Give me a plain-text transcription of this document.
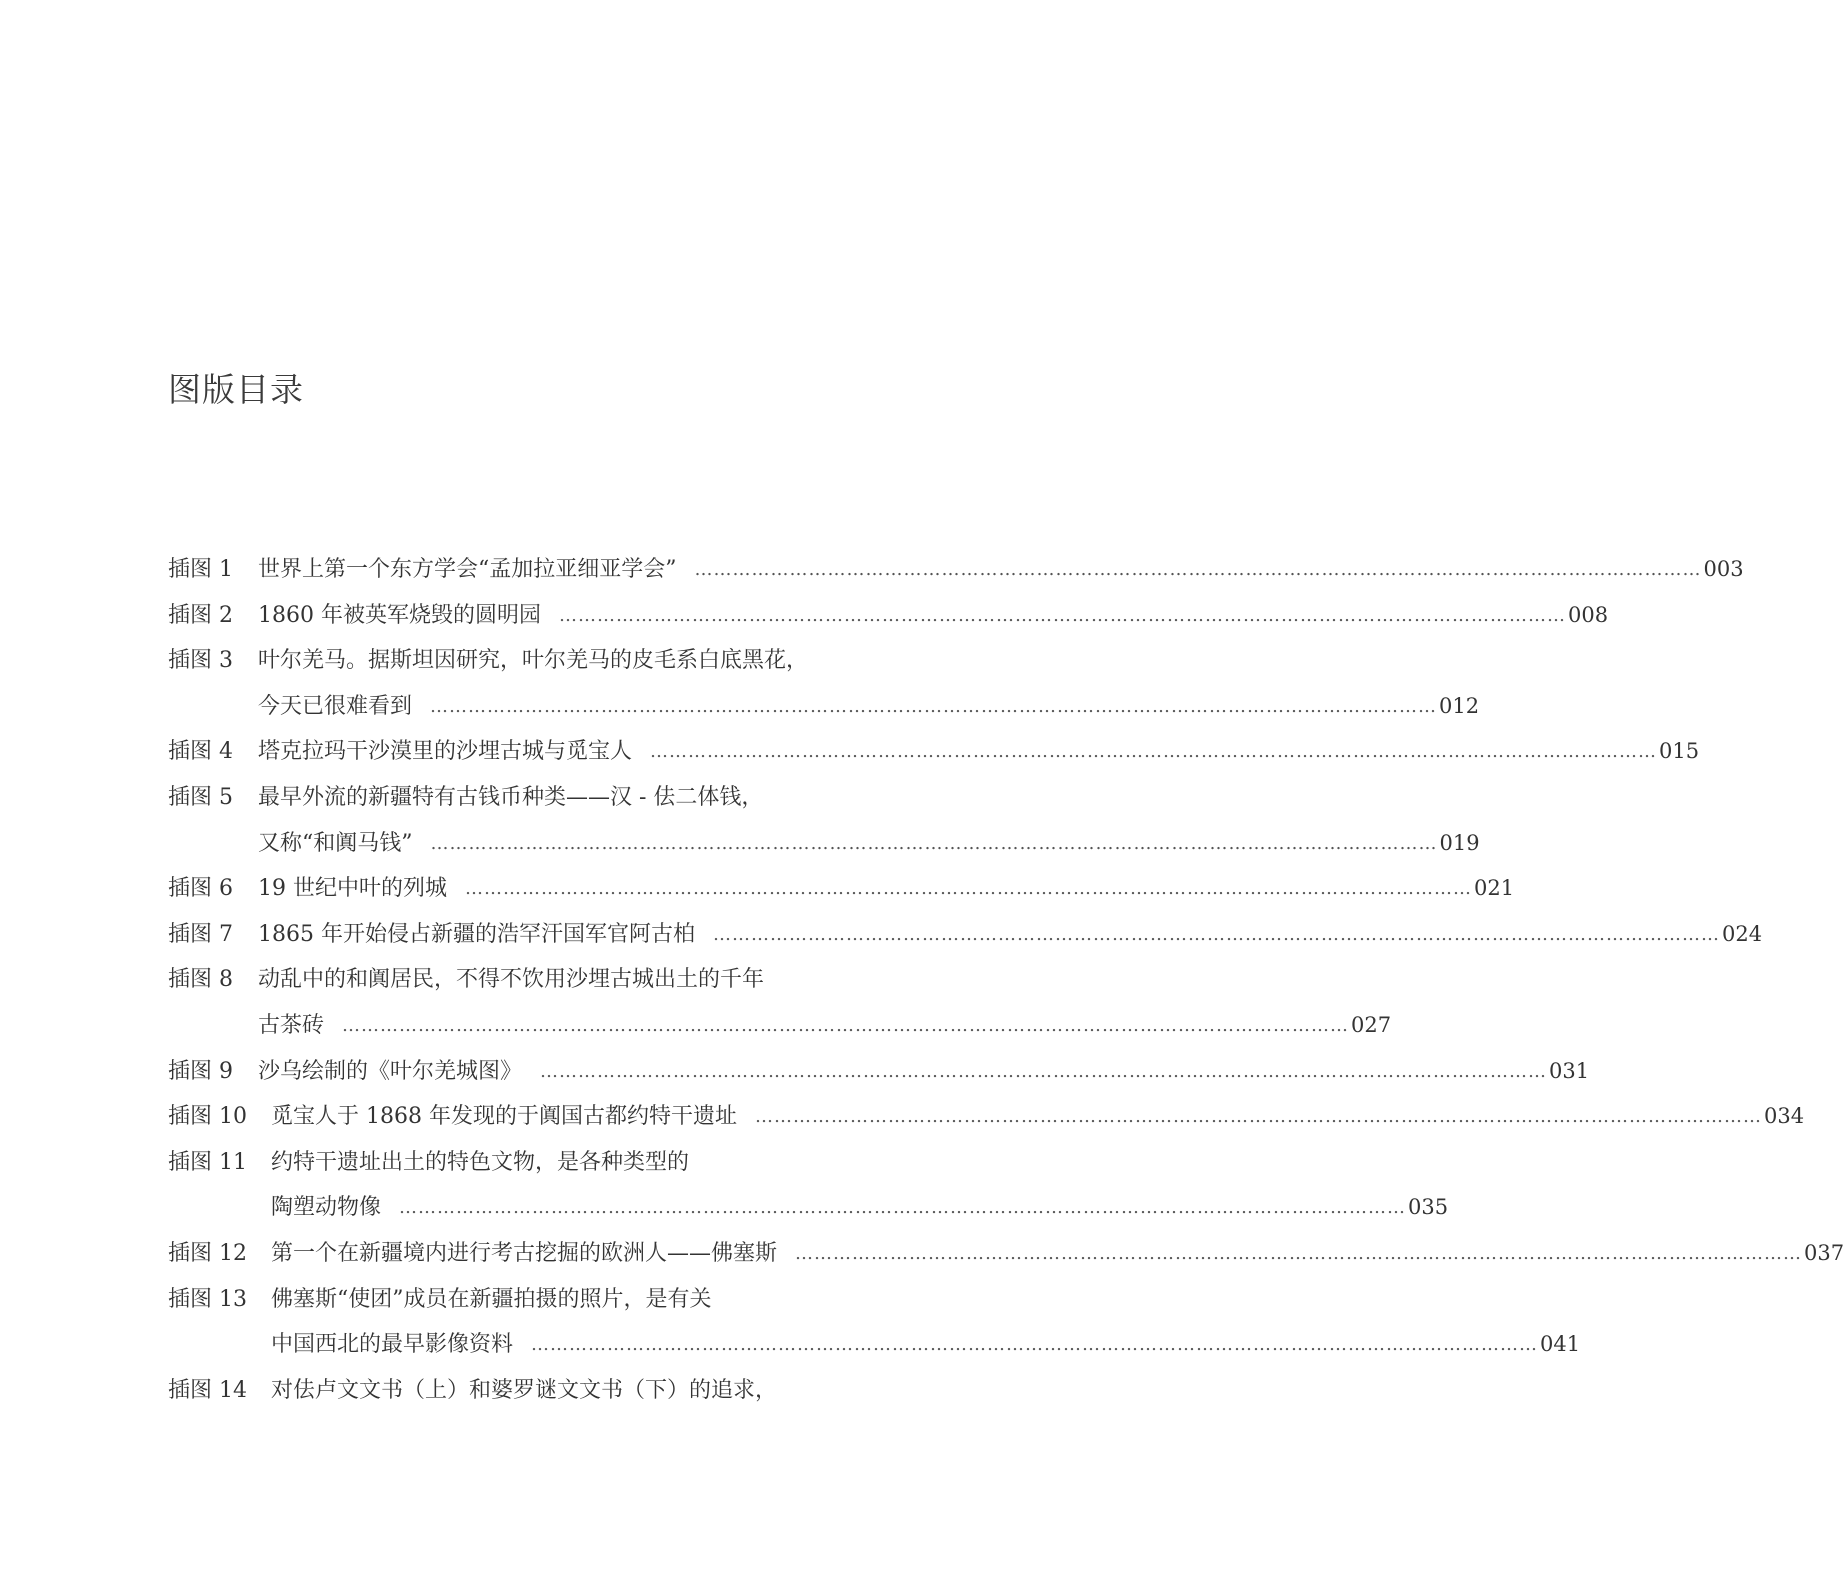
图版目录
插图 1	世界上第一个东方学会“孟加拉亚细亚学会” ……………………………………………………………………………………………………………………………………………	003
插图 2	1860 年被英军烧毁的圆明园 ……………………………………………………………………………………………………………………………………………	008
插图 3	叶尔羌马。据斯坦因研究，叶尔羌马的皮毛系白底黑花，
今天已很难看到 ……………………………………………………………………………………………………………………………………………	012
插图 4	塔克拉玛干沙漠里的沙埋古城与觅宝人 ……………………………………………………………………………………………………………………………………………	015
插图 5	最早外流的新疆特有古钱币种类——汉 - 佉二体钱，
又称“和阗马钱” ……………………………………………………………………………………………………………………………………………	019
插图 6	19 世纪中叶的列城 ……………………………………………………………………………………………………………………………………………	021
插图 7	1865 年开始侵占新疆的浩罕汗国军官阿古柏 ……………………………………………………………………………………………………………………………………………	024
插图 8	动乱中的和阗居民，不得不饮用沙埋古城出土的千年
古茶砖 ……………………………………………………………………………………………………………………………………………	027
插图 9	沙乌绘制的《叶尔羌城图》 ……………………………………………………………………………………………………………………………………………	031
插图 10	觅宝人于 1868 年发现的于阗国古都约特干遗址 ……………………………………………………………………………………………………………………………………………	034
插图 11	约特干遗址出土的特色文物，是各种类型的
陶塑动物像 ……………………………………………………………………………………………………………………………………………	035
插图 12	第一个在新疆境内进行考古挖掘的欧洲人——佛塞斯 ……………………………………………………………………………………………………………………………………………	037
插图 13	佛塞斯“使团”成员在新疆拍摄的照片，是有关
中国西北的最早影像资料 ……………………………………………………………………………………………………………………………………………	041
插图 14	对佉卢文文书（上）和婆罗谜文文书（下）的追求，
